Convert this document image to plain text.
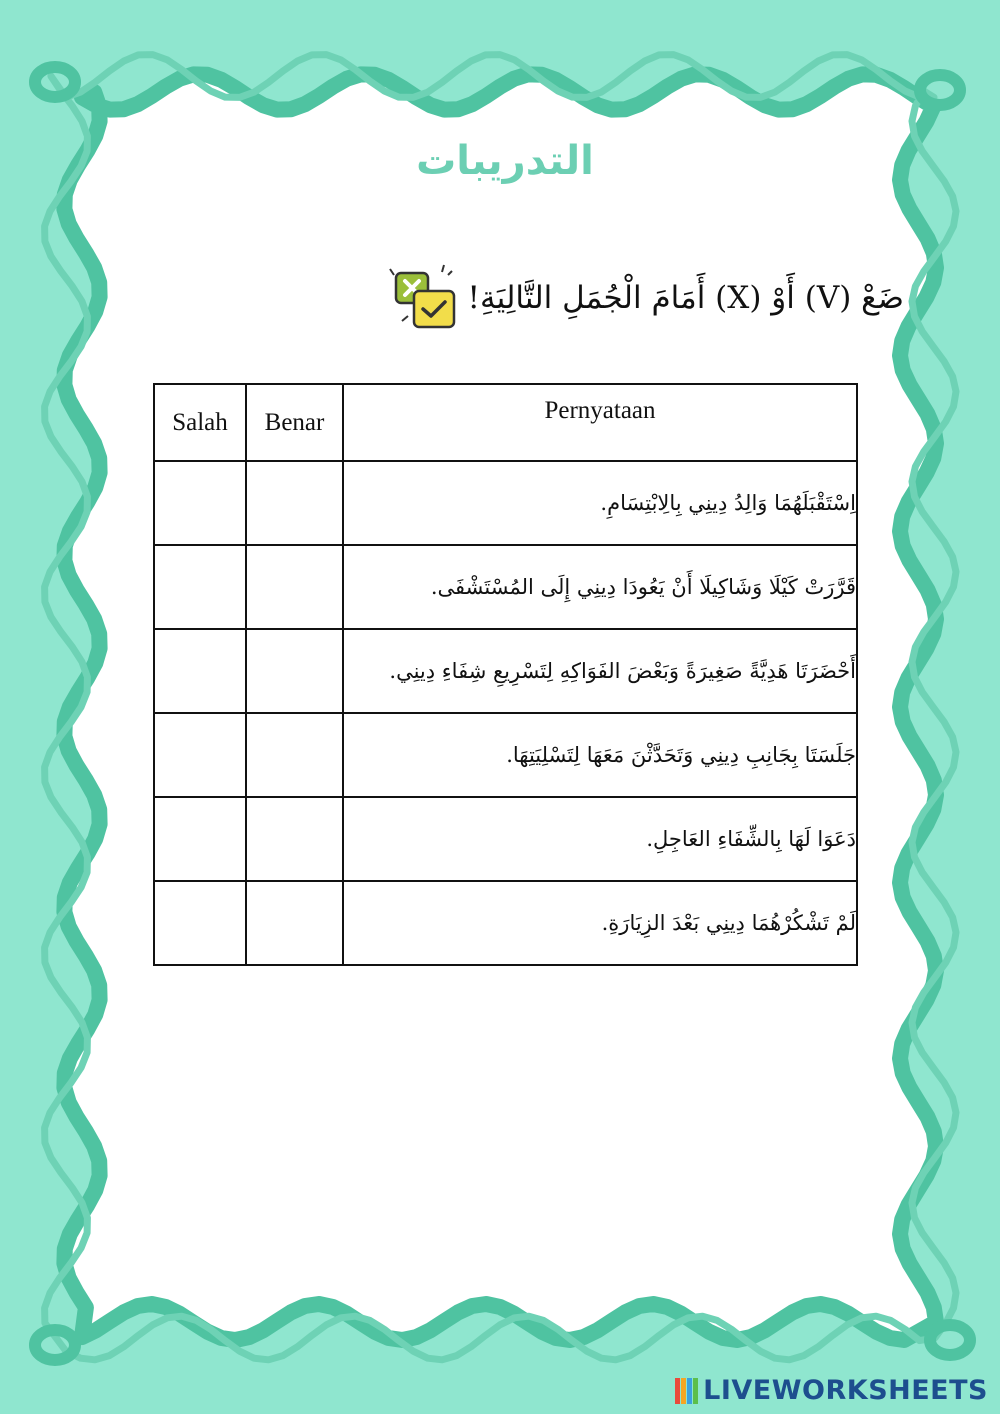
التدريبات
ضَعْ (V) أَوْ (X) أَمَامَ الْجُمَلِ التَّالِيَةِ!
Salah	Benar	Pernyataan
		اِسْتَقْبَلَهُمَا وَالِدُ دِينِي بِالِابْتِسَامِ.
		قَرَّرَتْ كَيْلَا وَشَاكِيلَا أَنْ يَعُودَا دِينِي إِلَى المُسْتَشْفَى.
		أَحْضَرَتَا هَدِيَّةً صَغِيرَةً وَبَعْضَ الفَوَاكِهِ لِتَسْرِيعِ شِفَاءِ دِينِي.
		جَلَسَتَا بِجَانِبِ دِينِي وَتَحَدَّثْنَ مَعَهَا لِتَسْلِيَتِهَا.
		دَعَوَا لَهَا بِالشِّفَاءِ العَاجِلِ.
		لَمْ تَشْكُرْهُمَا دِينِي بَعْدَ الزِيَارَةِ.
LIVEWORKSHEETS
